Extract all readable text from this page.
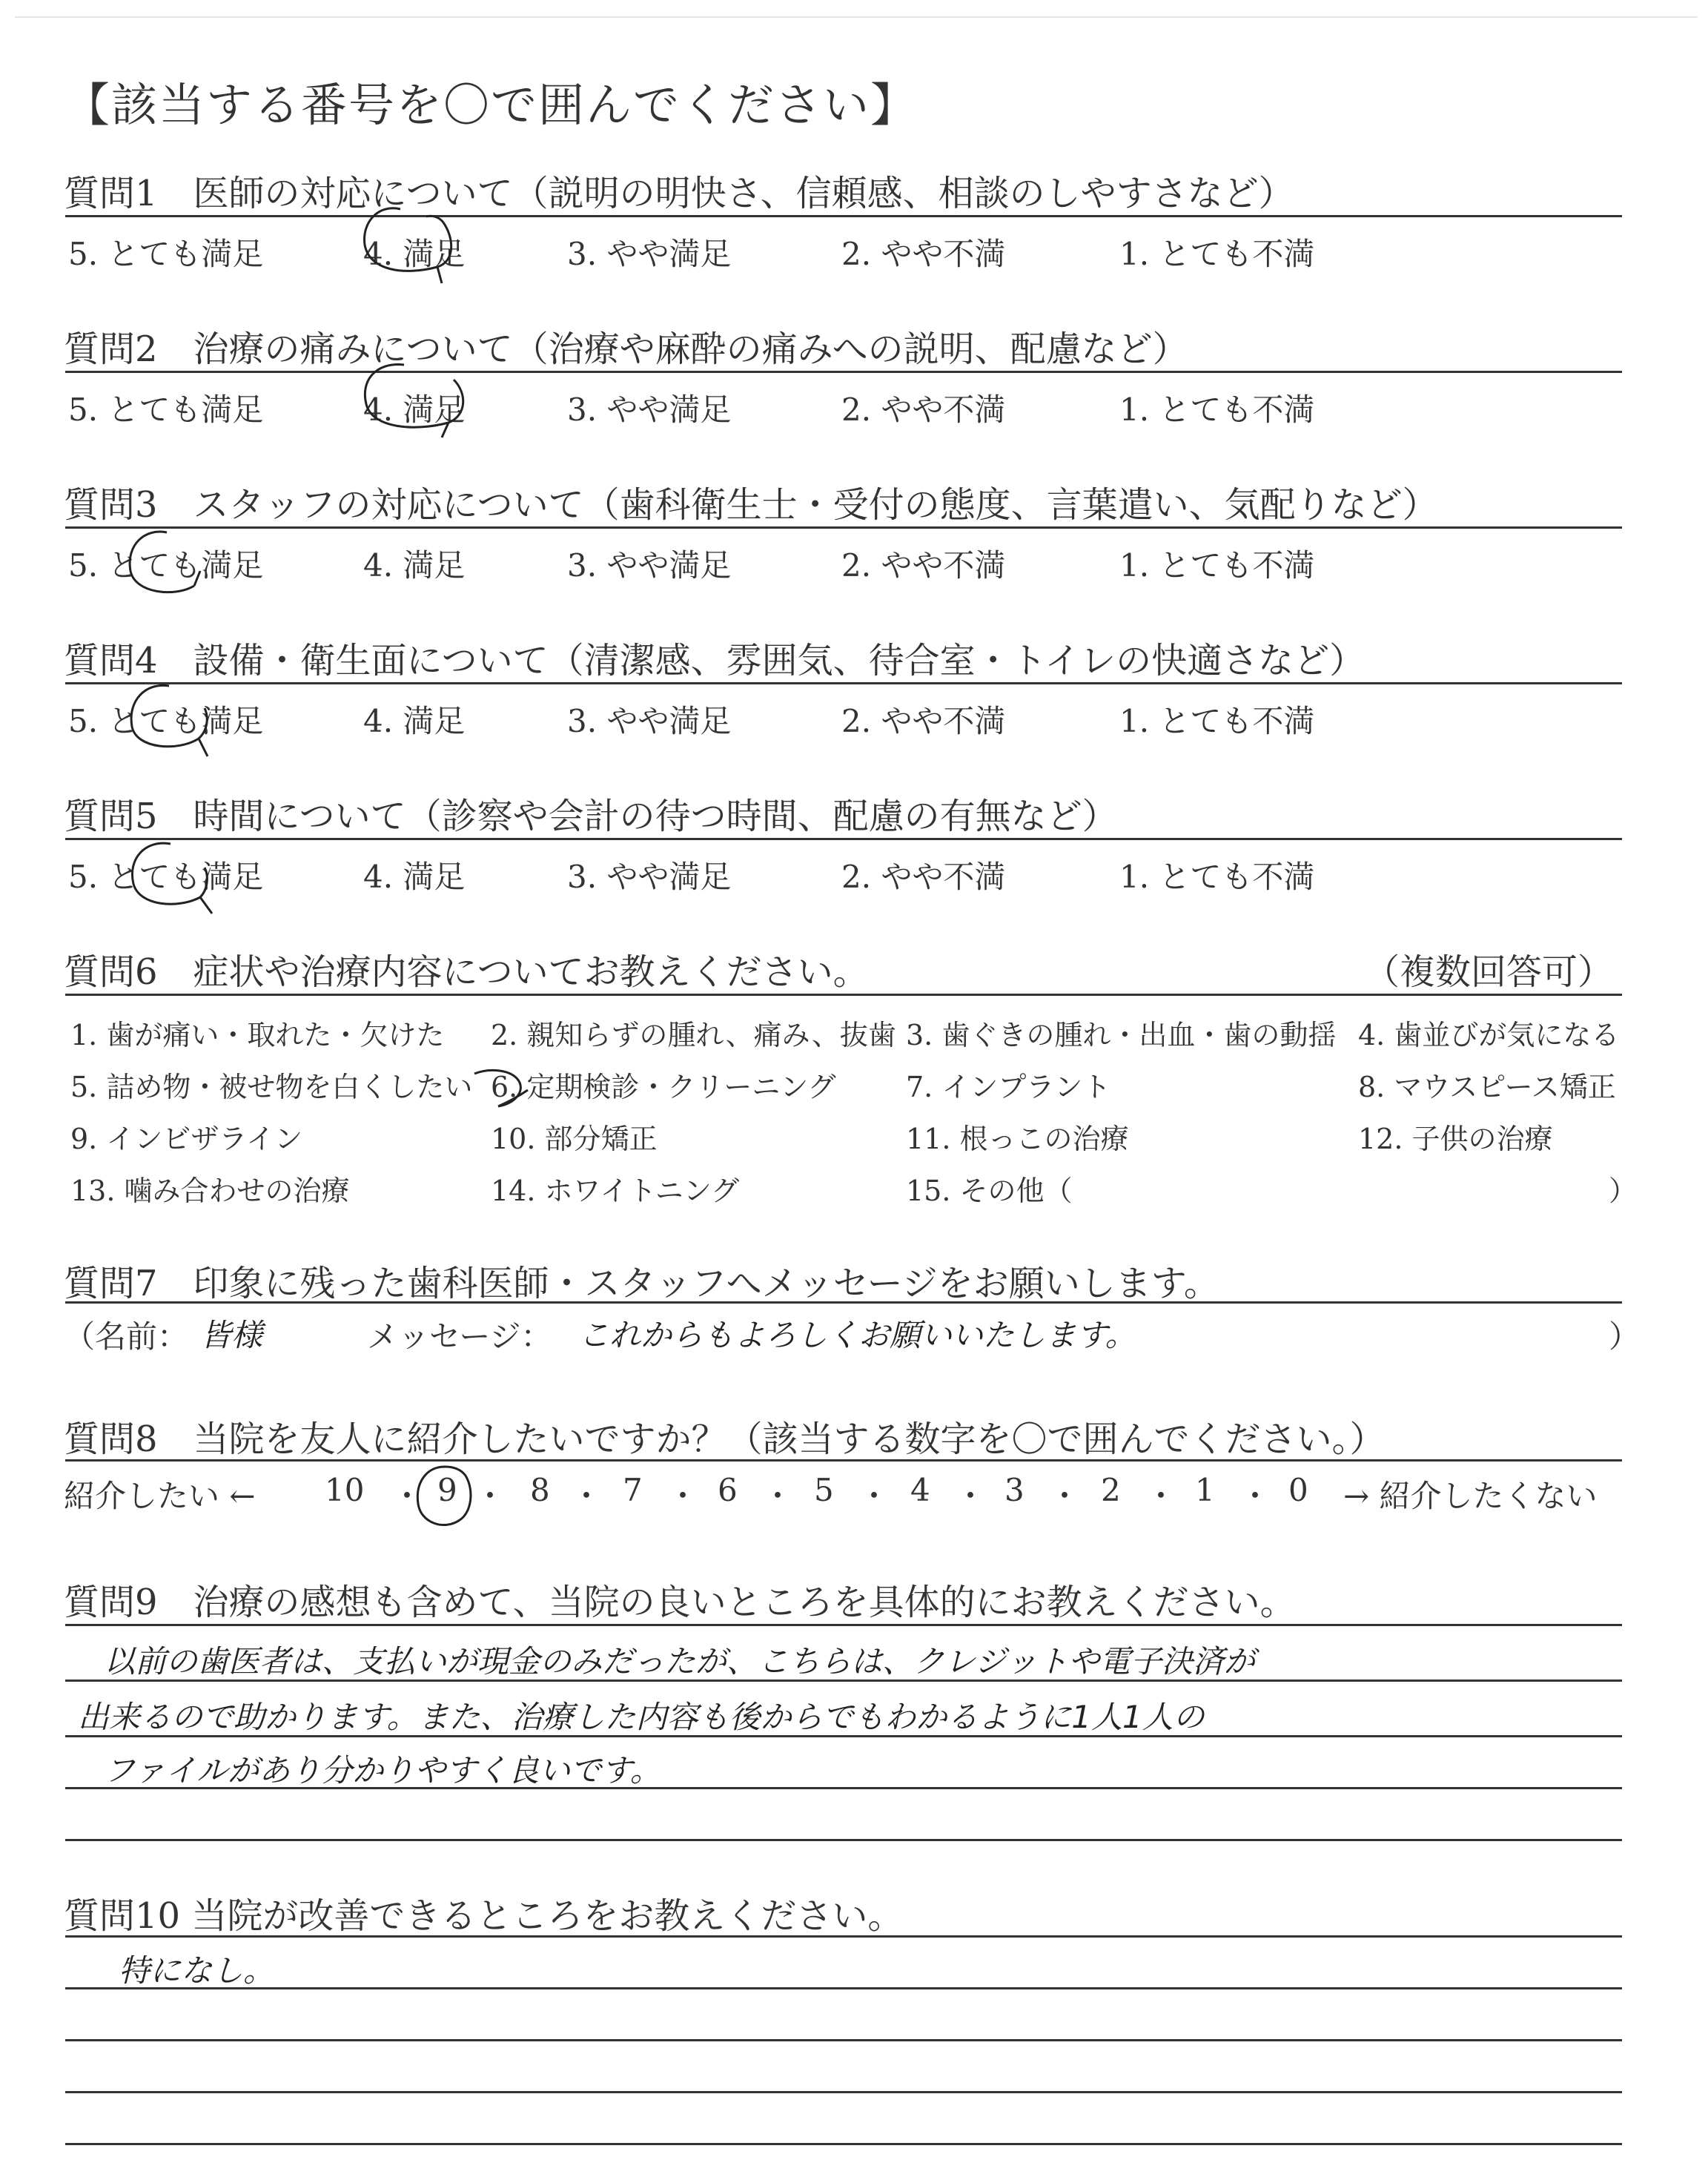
【該当する番号を〇で囲んでください】
質問1　医師の対応について（説明の明快さ、信頼感、相談のしやすさなど）
5. とても満足	4. 満足	3. やや満足	2. やや不満	1. とても不満
質問2　治療の痛みについて（治療や麻酔の痛みへの説明、配慮など）
5. とても満足	4. 満足	3. やや満足	2. やや不満	1. とても不満
質問3　スタッフの対応について（歯科衛生士・受付の態度、言葉遣い、気配りなど）
5. とても満足	4. 満足	3. やや満足	2. やや不満	1. とても不満
質問4　設備・衛生面について（清潔感、雰囲気、待合室・トイレの快適さなど）
5. とても満足	4. 満足	3. やや満足	2. やや不満	1. とても不満
質問5　時間について（診察や会計の待つ時間、配慮の有無など）
5. とても満足	4. 満足	3. やや満足	2. やや不満	1. とても不満
質問6　症状や治療内容についてお教えください。	（複数回答可）
1. 歯が痛い・取れた・欠けた 2. 親知らずの腫れ、痛み、抜歯 3. 歯ぐきの腫れ・出血・歯の動揺 4. 歯並びが気になる
5. 詰め物・被せ物を白くしたい 6. 定期検診・クリーニング 7. インプラント	8. マウスピース矯正
9. インビザライン	10. 部分矯正	11. 根っこの治療	12. 子供の治療
13. 噛み合わせの治療	14. ホワイトニング	15. その他（	）
質問7　印象に残った歯科医師・スタッフへメッセージをお願いします。
（名前： 皆様	メッセージ： これからもよろしくお願いいたします。	）
質問8　当院を友人に紹介したいですか？（該当する数字を〇で囲んでください。）
紹介したい ← 10 ・ 9 ・ 8 ・ 7 ・ 6 ・ 5 ・ 4 ・ 3 ・ 2 ・ 1 ・ 0 → 紹介したくない
質問9　治療の感想も含めて、当院の良いところを具体的にお教えください。
以前の歯医者は、支払いが現金のみだったが、こちらは、クレジットや電子決済が
出来るので助かります。また、治療した内容も後からでもわかるように1人1人の
ファイルがあり分かりやすく良いです。
質問10 当院が改善できるところをお教えください。
特になし。
